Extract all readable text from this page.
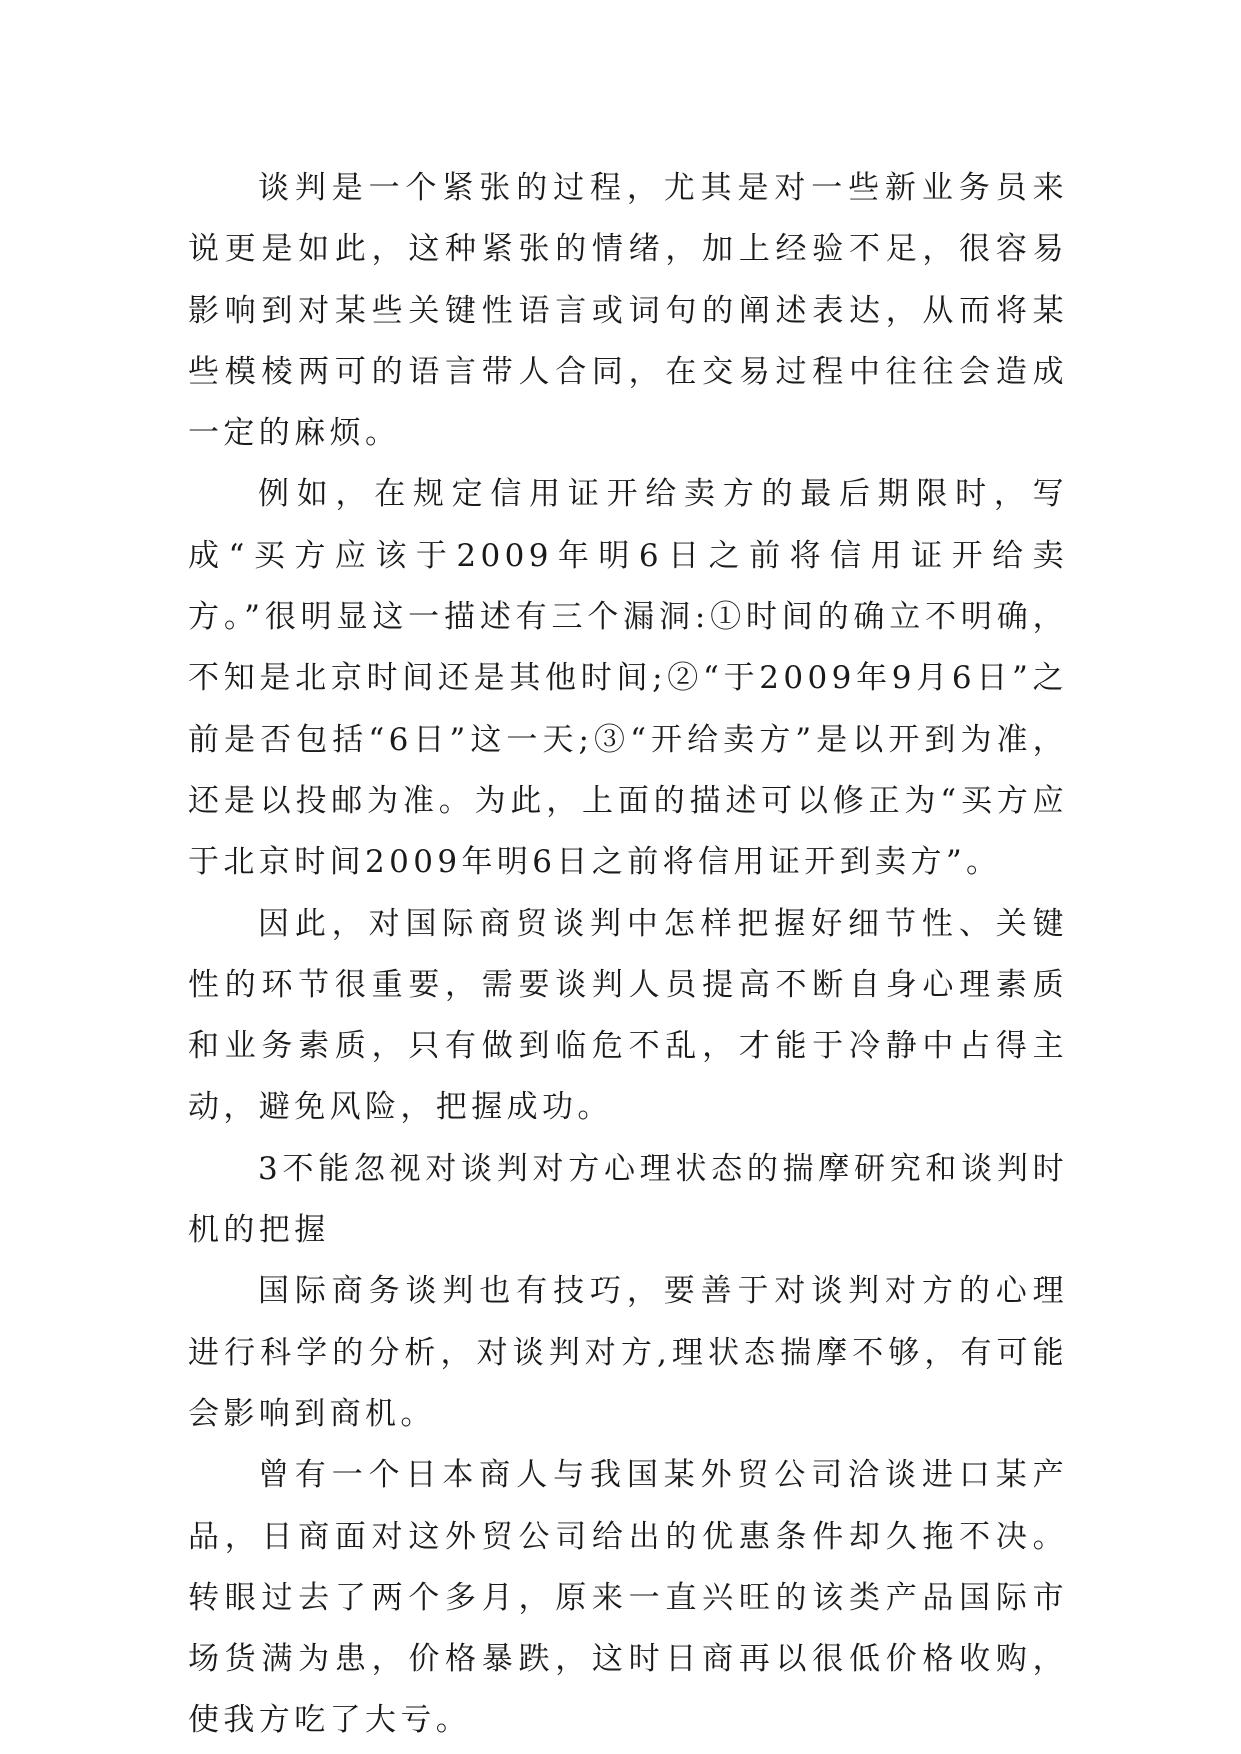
谈判是一个紧张的过程，尤其是对一些新业务员来说更是如此，这种紧张的情绪，加上经验不足，很容易影响到对某些关键性语言或词句的阐述表达，从而将某些模棱两可的语言带人合同，在交易过程中往往会造成一定的麻烦。

例如，在规定信用证开给卖方的最后期限时，写成“买方应该于2009年明6日之前将信用证开给卖方。”很明显这一描述有三个漏洞:①时间的确立不明确，不知是北京时间还是其他时间;②“于2009年9月6日”之前是否包括“6日”这一天;③“开给卖方”是以开到为准，还是以投邮为准。为此，上面的描述可以修正为“买方应于北京时间2009年明6日之前将信用证开到卖方”。

因此，对国际商贸谈判中怎样把握好细节性、关键性的环节很重要，需要谈判人员提高不断自身心理素质和业务素质，只有做到临危不乱，才能于冷静中占得主动，避免风险，把握成功。

3不能忽视对谈判对方心理状态的揣摩研究和谈判时机的把握

国际商务谈判也有技巧，要善于对谈判对方的心理进行科学的分析，对谈判对方,理状态揣摩不够，有可能会影响到商机。

曾有一个日本商人与我国某外贸公司洽谈进口某产品，日商面对这外贸公司给出的优惠条件却久拖不决。转眼过去了两个多月，原来一直兴旺的该类产品国际市场货满为患，价格暴跌，这时日商再以很低价格收购，使我方吃了大亏。
